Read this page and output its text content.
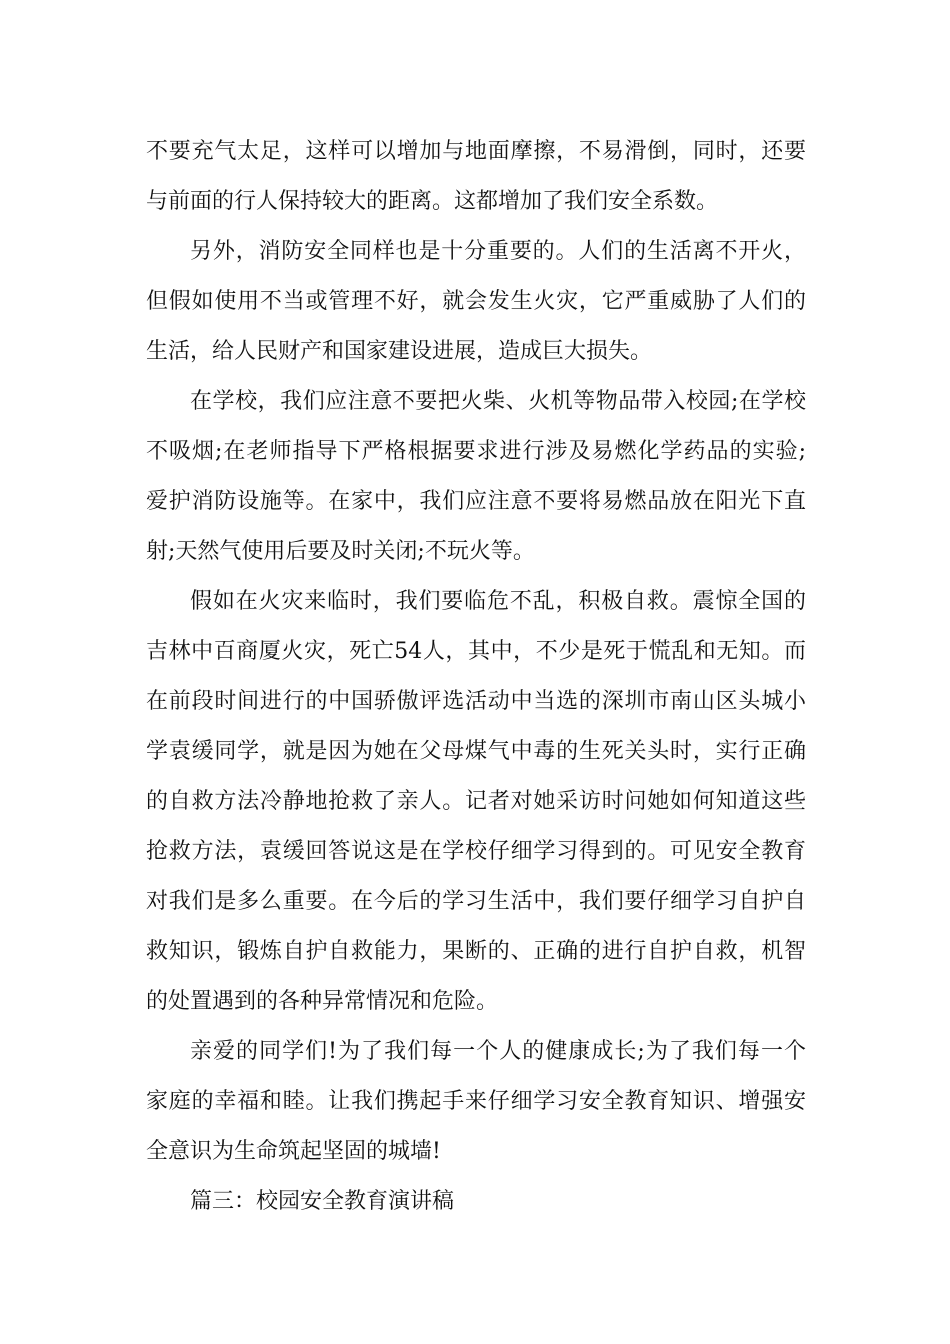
不要充气太足，这样可以增加与地面摩擦，不易滑倒，同时，还要
与前面的行人保持较大的距离。这都增加了我们安全系数。
另外，消防安全同样也是十分重要的。人们的生活离不开火，
但假如使用不当或管理不好，就会发生火灾，它严重威胁了人们的
生活，给人民财产和国家建设进展，造成巨大损失。
在学校，我们应注意不要把火柴、火机等物品带入校园;在学校
不吸烟;在老师指导下严格根据要求进行涉及易燃化学药品的实验;
爱护消防设施等。在家中，我们应注意不要将易燃品放在阳光下直
射;天然气使用后要及时关闭;不玩火等。
假如在火灾来临时，我们要临危不乱，积极自救。震惊全国的
吉林中百商厦火灾，死亡54人，其中，不少是死于慌乱和无知。而
在前段时间进行的中国骄傲评选活动中当选的深圳市南山区头城小
学袁缓同学，就是因为她在父母煤气中毒的生死关头时，实行正确
的自救方法冷静地抢救了亲人。记者对她采访时问她如何知道这些
抢救方法，袁缓回答说这是在学校仔细学习得到的。可见安全教育
对我们是多么重要。在今后的学习生活中，我们要仔细学习自护自
救知识，锻炼自护自救能力，果断的、正确的进行自护自救，机智
的处置遇到的各种异常情况和危险。
亲爱的同学们!为了我们每一个人的健康成长;为了我们每一个
家庭的幸福和睦。让我们携起手来仔细学习安全教育知识、增强安
全意识为生命筑起坚固的城墙!
篇三：校园安全教育演讲稿
